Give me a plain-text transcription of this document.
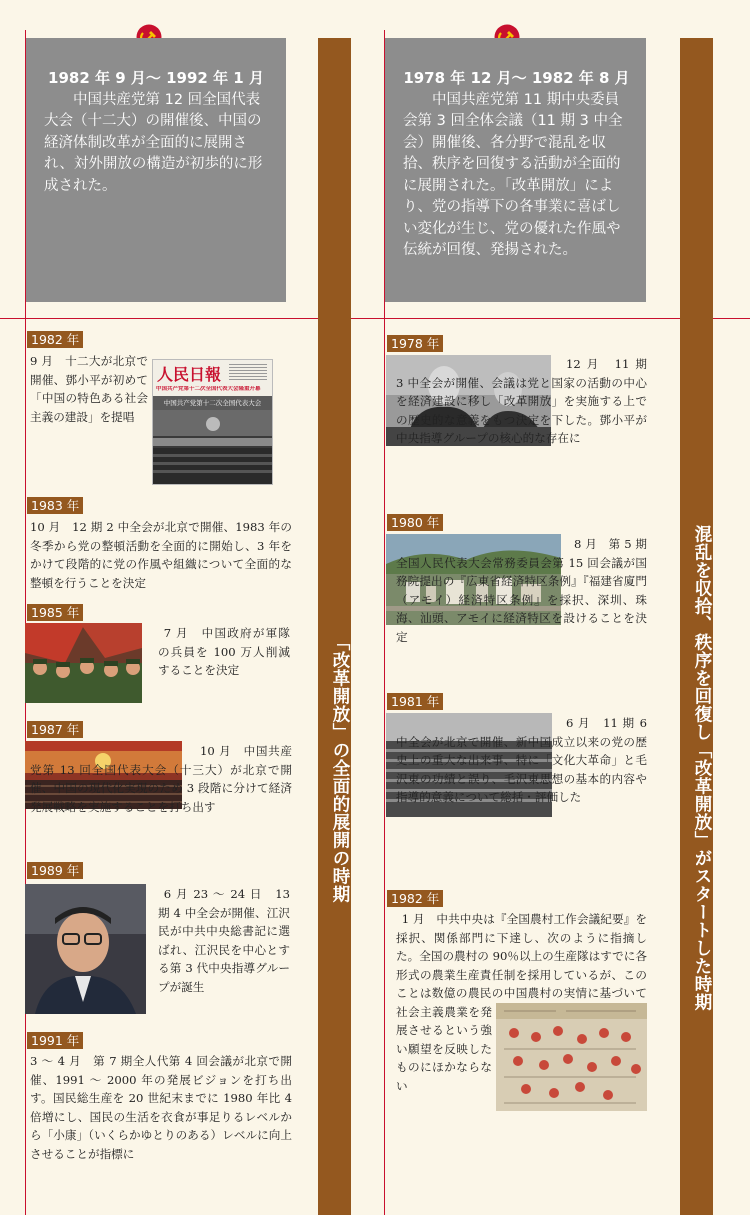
1982 年 9 月～ 1992 年 1 月
中国共産党第 12 回全国代表大会（十二大）の開催後、中国の経済体制改革が全面的に展開され、対外開放の構造が初歩的に形成された。
1978 年 12 月～ 1982 年 8 月
中国共産党第 11 期中央委員会第 3 回全体会議（11 期 3 中全会）開催後、各分野で混乱を収拾、秩序を回復する活動が全面的に展開された。「改革開放」により、党の指導下の各事業に喜ばしい変化が生じ、党の優れた作風や伝統が回復、発揚された。
「改革開放」の全面的展開の時期	混乱を収拾、秩序を回復し「改革開放」がスタートした時期
1982 年

9 月　十二大が北京で開催、鄧小平が初めて「中国の特色ある社会主義の建設」を提唱

人民日報
中国共产党第十二次全国代表大会隆重开幕
中国共产党第十二次全国代表大会
1983 年

10 月　12 期 2 中全会が北京で開催、1983 年の冬季から党の整頓活動を全面的に開始し、3 年をかけて段階的に党の作風や組織について全面的な整頓を行うことを決定

1985 年

7 月　中国政府が軍隊の兵員を 100 万人削減することを決定

1987 年

10 月　中国共産党第 13 回全国代表大会（十三大）が北京で開催、中国の現代化実現のため 3 段階に分けて経済発展戦略を実施することを打ち出す

1989 年

6 月 23 ～ 24 日　13 期 4 中全会が開催、江沢民が中共中央総書記に選ばれ、江沢民を中心とする第 3 代中央指導グループが誕生

1991 年

3 ～ 4 月　第 7 期全人代第 4 回会議が北京で開催、1991 ～ 2000 年の発展ビジョンを打ち出す。国民総生産を 20 世紀末までに 1980 年比 4 倍増にし、国民の生活を衣食が事足りるレベルから「小康」（いくらかゆとりのある）レベルに向上させることが指標に

1978 年

12 月　11 期 3 中全会が開催、会議は党と国家の活動の中心を経済建設に移し「改革開放」を実施する上での歴史的な意義をもつ決定を下した。鄧小平が中央指導グループの核心的な存在に

1980 年

8 月　第 5 期全国人民代表大会常務委員会第 15 回会議が国務院提出の『広東省経済特区条例』『福建省廈門（アモイ）経済特区条例』を採択、深圳、珠海、汕頭、アモイに経済特区を設けることを決定

1981 年

6 月　11 期 6 中全会が北京で開催、新中国成立以来の党の歴史上の重大な出来事、特に「文化大革命」と毛沢東の功績と誤り、毛沢東思想の基本的内容や指導的意義について総括・評価した

1982 年

1 月　中共中央は『全国農村工作会議紀要』を採択、関係部門に下達し、次のように指摘した。全国の農村の 90％以上の生産隊はすでに各形式の農業生産責任制を採用しているが、このことは数億の農民の中国農村の実情に基づいて社会主義農業を発展させるという強い願望を反映したものにほかならない
